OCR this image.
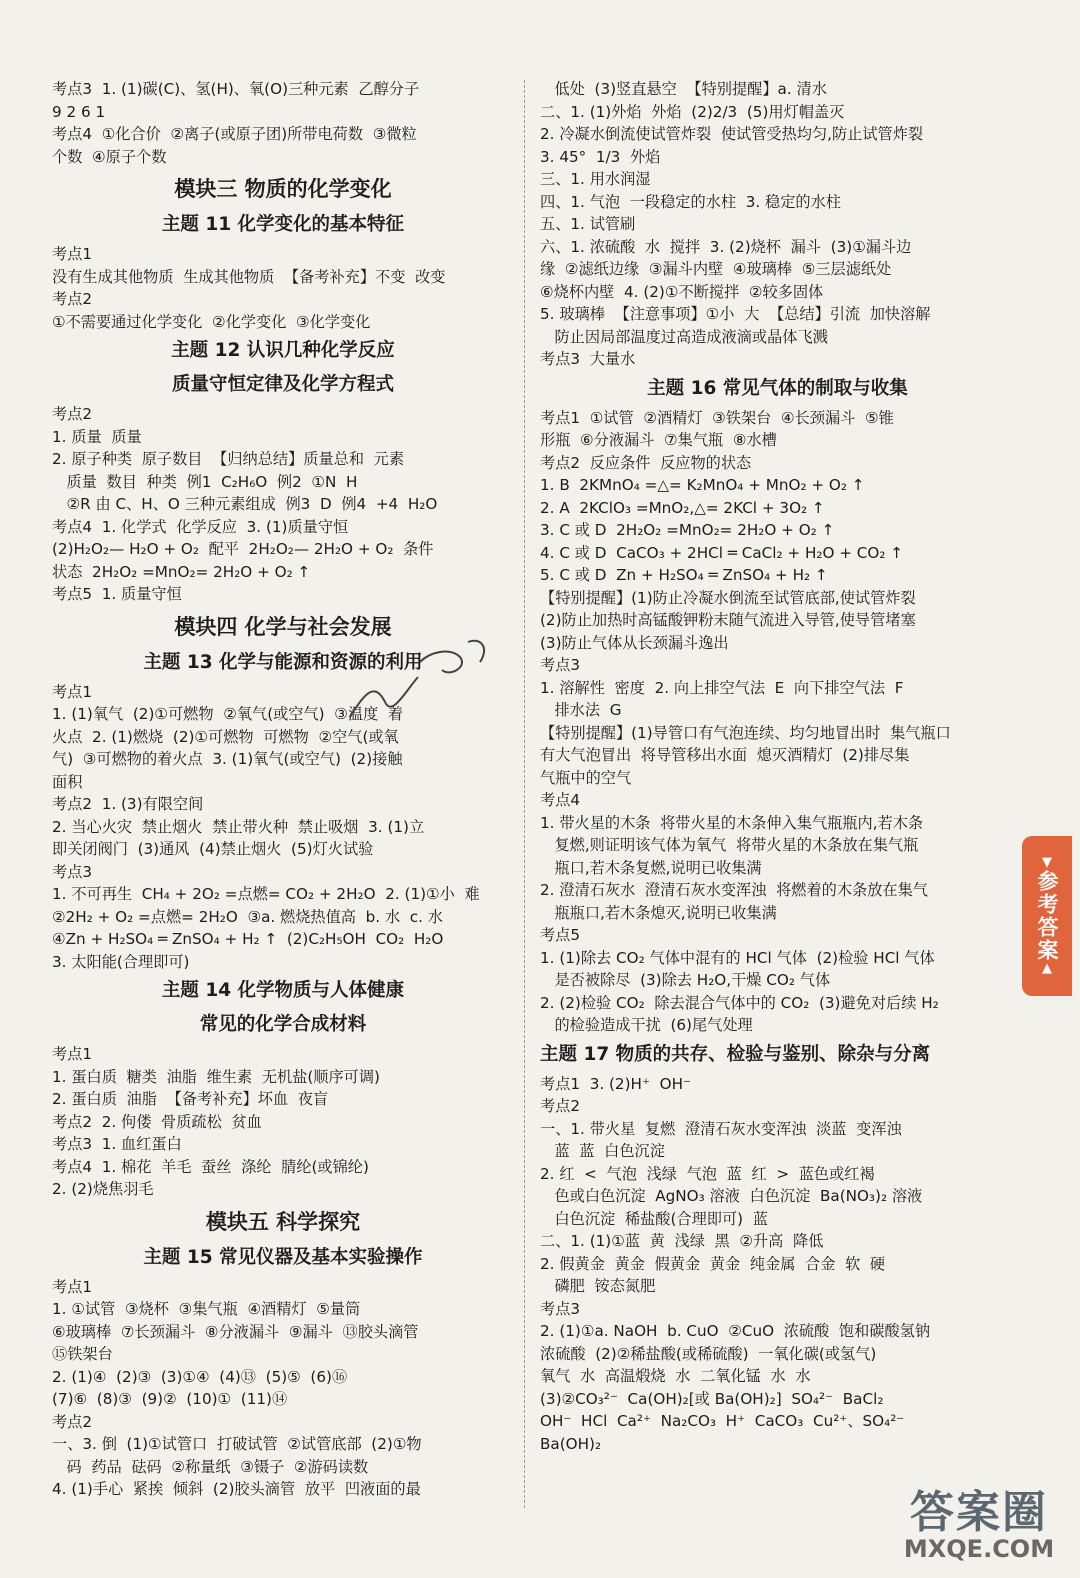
考点3  1. (1)碳(C)、氢(H)、氧(O)三种元素  乙醇分子
9 2 6 1
考点4  ①化合价  ②离子(或原子团)所带电荷数  ③微粒
个数  ④原子个数
模块三 物质的化学变化
主题 11 化学变化的基本特征
考点1
没有生成其他物质  生成其他物质  【备考补充】不变  改变
考点2
①不需要通过化学变化  ②化学变化  ③化学变化
主题 12 认识几种化学反应
质量守恒定律及化学方程式
考点2
1. 质量  质量
2. 原子种类  原子数目  【归纳总结】质量总和  元素
质量  数目  种类  例1  C₂H₆O  例2  ①N  H
②R 由 C、H、O 三种元素组成  例3  D  例4  +4  H₂O
考点4  1. 化学式  化学反应  3. (1)质量守恒
(2)H₂O₂— H₂O + O₂  配平  2H₂O₂— 2H₂O + O₂  条件
状态  2H₂O₂ =MnO₂= 2H₂O + O₂ ↑
考点5  1. 质量守恒
模块四 化学与社会发展
主题 13 化学与能源和资源的利用
考点1
1. (1)氧气  (2)①可燃物  ②氧气(或空气)  ③温度  着
火点  2. (1)燃烧  (2)①可燃物  可燃物  ②空气(或氧
气)  ③可燃物的着火点  3. (1)氧气(或空气)  (2)接触
面积
考点2  1. (3)有限空间
2. 当心火灾  禁止烟火  禁止带火种  禁止吸烟  3. (1)立
即关闭阀门  (3)通风  (4)禁止烟火  (5)灯火试验
考点3
1. 不可再生  CH₄ + 2O₂ =点燃= CO₂ + 2H₂O  2. (1)①小  难
②2H₂ + O₂ =点燃= 2H₂O  ③a. 燃烧热值高  b. 水  c. 水
④Zn + H₂SO₄ ═ ZnSO₄ + H₂ ↑  (2)C₂H₅OH  CO₂  H₂O
3. 太阳能(合理即可)
主题 14 化学物质与人体健康
常见的化学合成材料
考点1
1. 蛋白质  糖类  油脂  维生素  无机盐(顺序可调)
2. 蛋白质  油脂  【备考补充】坏血  夜盲
考点2  2. 佝偻  骨质疏松  贫血
考点3  1. 血红蛋白
考点4  1. 棉花  羊毛  蚕丝  涤纶  腈纶(或锦纶)
2. (2)烧焦羽毛
模块五 科学探究
主题 15 常见仪器及基本实验操作
考点1
1. ①试管  ③烧杯  ③集气瓶  ④酒精灯  ⑤量筒
⑥玻璃棒  ⑦长颈漏斗  ⑧分液漏斗  ⑨漏斗  ⑬胶头滴管
⑮铁架台
2. (1)④  (2)③  (3)①④  (4)⑬  (5)⑤  (6)⑯
(7)⑥  (8)③  (9)②  (10)①  (11)⑭
考点2
一、3. 倒  (1)①试管口  打破试管  ②试管底部  (2)①物
码  药品  砝码  ②称量纸  ③镊子  ②游码读数
4. (1)手心  紧挨  倾斜  (2)胶头滴管  放平  凹液面的最
低处  (3)竖直悬空  【特别提醒】a. 清水
二、1. (1)外焰  外焰  (2)2/3  (5)用灯帽盖灭
2. 冷凝水倒流使试管炸裂  使试管受热均匀,防止试管炸裂
3. 45°  1/3  外焰
三、1. 用水润湿
四、1. 气泡  一段稳定的水柱  3. 稳定的水柱
五、1. 试管刷
六、1. 浓硫酸  水  搅拌  3. (2)烧杯  漏斗  (3)①漏斗边
缘  ②滤纸边缘  ③漏斗内壁  ④玻璃棒  ⑤三层滤纸处
⑥烧杯内壁  4. (2)①不断搅拌  ②较多固体
5. 玻璃棒  【注意事项】①小  大  【总结】引流  加快溶解
防止因局部温度过高造成液滴或晶体飞溅
考点3  大量水
主题 16 常见气体的制取与收集
考点1  ①试管  ②酒精灯  ③铁架台  ④长颈漏斗  ⑤锥
形瓶  ⑥分液漏斗  ⑦集气瓶  ⑧水槽
考点2  反应条件  反应物的状态
1. B  2KMnO₄ =△= K₂MnO₄ + MnO₂ + O₂ ↑
2. A  2KClO₃ =MnO₂,△= 2KCl + 3O₂ ↑
3. C 或 D  2H₂O₂ =MnO₂= 2H₂O + O₂ ↑
4. C 或 D  CaCO₃ + 2HCl ═ CaCl₂ + H₂O + CO₂ ↑
5. C 或 D  Zn + H₂SO₄ ═ ZnSO₄ + H₂ ↑
【特别提醒】(1)防止冷凝水倒流至试管底部,使试管炸裂
(2)防止加热时高锰酸钾粉末随气流进入导管,使导管堵塞
(3)防止气体从长颈漏斗逸出
考点3
1. 溶解性  密度  2. 向上排空气法  E  向下排空气法  F
排水法  G
【特别提醒】(1)导管口有气泡连续、均匀地冒出时  集气瓶口
有大气泡冒出  将导管移出水面  熄灭酒精灯  (2)排尽集
气瓶中的空气
考点4
1. 带火星的木条  将带火星的木条伸入集气瓶瓶内,若木条
复燃,则证明该气体为氧气  将带火星的木条放在集气瓶
瓶口,若木条复燃,说明已收集满
2. 澄清石灰水  澄清石灰水变浑浊  将燃着的木条放在集气
瓶瓶口,若木条熄灭,说明已收集满
考点5
1. (1)除去 CO₂ 气体中混有的 HCl 气体  (2)检验 HCl 气体
是否被除尽  (3)除去 H₂O,干燥 CO₂ 气体
2. (2)检验 CO₂  除去混合气体中的 CO₂  (3)避免对后续 H₂
的检验造成干扰  (6)尾气处理
主题 17 物质的共存、检验与鉴别、除杂与分离
考点1  3. (2)H⁺  OH⁻
考点2
一、1. 带火星  复燃  澄清石灰水变浑浊  淡蓝  变浑浊
蓝  蓝  白色沉淀
2. 红  <  气泡  浅绿  气泡  蓝  红  >  蓝色或红褐
色或白色沉淀  AgNO₃ 溶液  白色沉淀  Ba(NO₃)₂ 溶液
白色沉淀  稀盐酸(合理即可)  蓝
二、1. (1)①蓝  黄  浅绿  黑  ②升高  降低
2. 假黄金  黄金  假黄金  黄金  纯金属  合金  软  硬
磷肥  铵态氮肥
考点3
2. (1)①a. NaOH  b. CuO  ②CuO  浓硫酸  饱和碳酸氢钠
浓硫酸  (2)②稀盐酸(或稀硫酸)  一氧化碳(或氢气)
氧气  水  高温煅烧  水  二氧化锰  水  水
(3)②CO₃²⁻  Ca(OH)₂[或 Ba(OH)₂]  SO₄²⁻  BaCl₂
OH⁻  HCl  Ca²⁺  Na₂CO₃  H⁺  CaCO₃  Cu²⁺、SO₄²⁻
Ba(OH)₂
▼
参考答案
▲
答案圈
MXQE.COM
